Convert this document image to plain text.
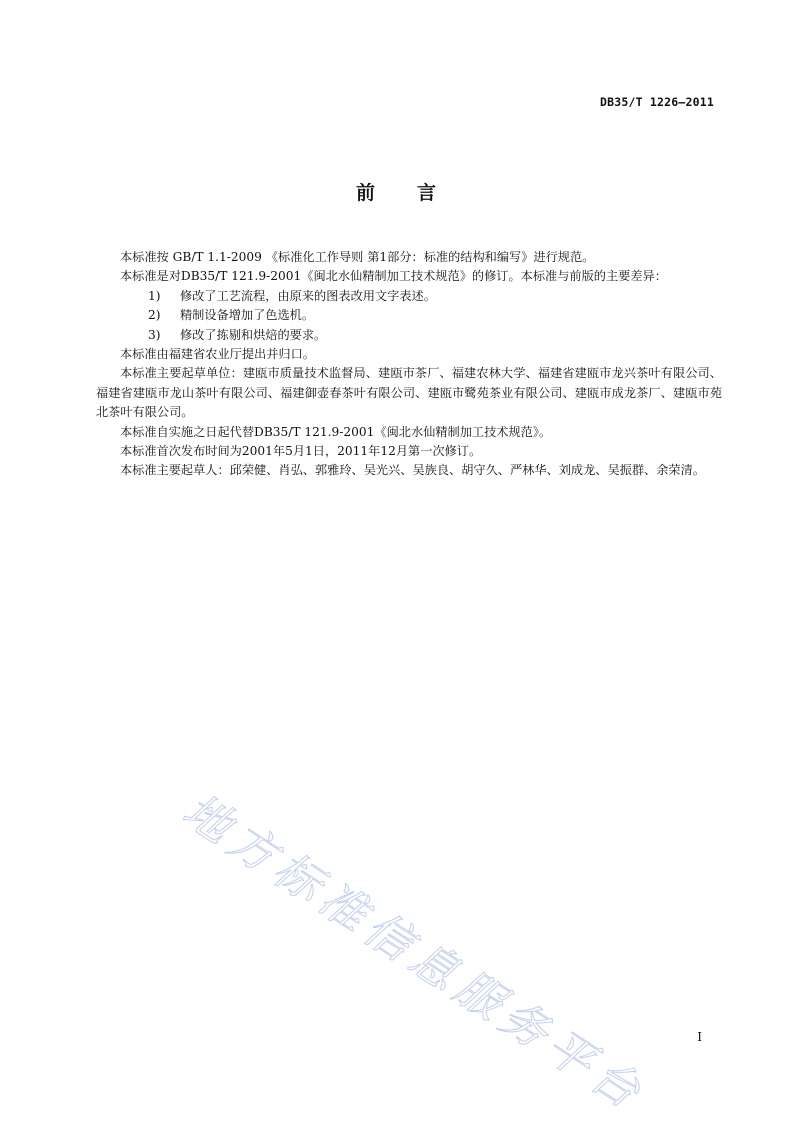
DB35/T 1226—2011
前言

本标准按 GB/T 1.1-2009 《标准化工作导则 第1部分：标准的结构和编写》进行规范。

本标准是对DB35/T 121.9-2001《闽北水仙精制加工技术规范》的修订。本标准与前版的主要差异：

1) 修改了工艺流程，由原来的图表改用文字表述。

2) 精制设备增加了色选机。

3) 修改了拣剔和烘焙的要求。

本标准由福建省农业厅提出并归口。

本标准主要起草单位：建瓯市质量技术监督局、建瓯市茶厂、福建农林大学、福建省建瓯市龙兴茶叶有限公司、福建省建瓯市龙山茶叶有限公司、福建御壶春茶叶有限公司、建瓯市鹭苑茶业有限公司、建瓯市成龙茶厂、建瓯市苑北茶叶有限公司。

本标准自实施之日起代替DB35/T 121.9-2001《闽北水仙精制加工技术规范》。

本标准首次发布时间为2001年5月1日，2011年12月第一次修订。

本标准主要起草人：邱荣健、肖弘、郭雅玲、吴光兴、吴族良、胡守久、严林华、刘成龙、吴振群、余荣清。

地方标准信息服务平台	I
